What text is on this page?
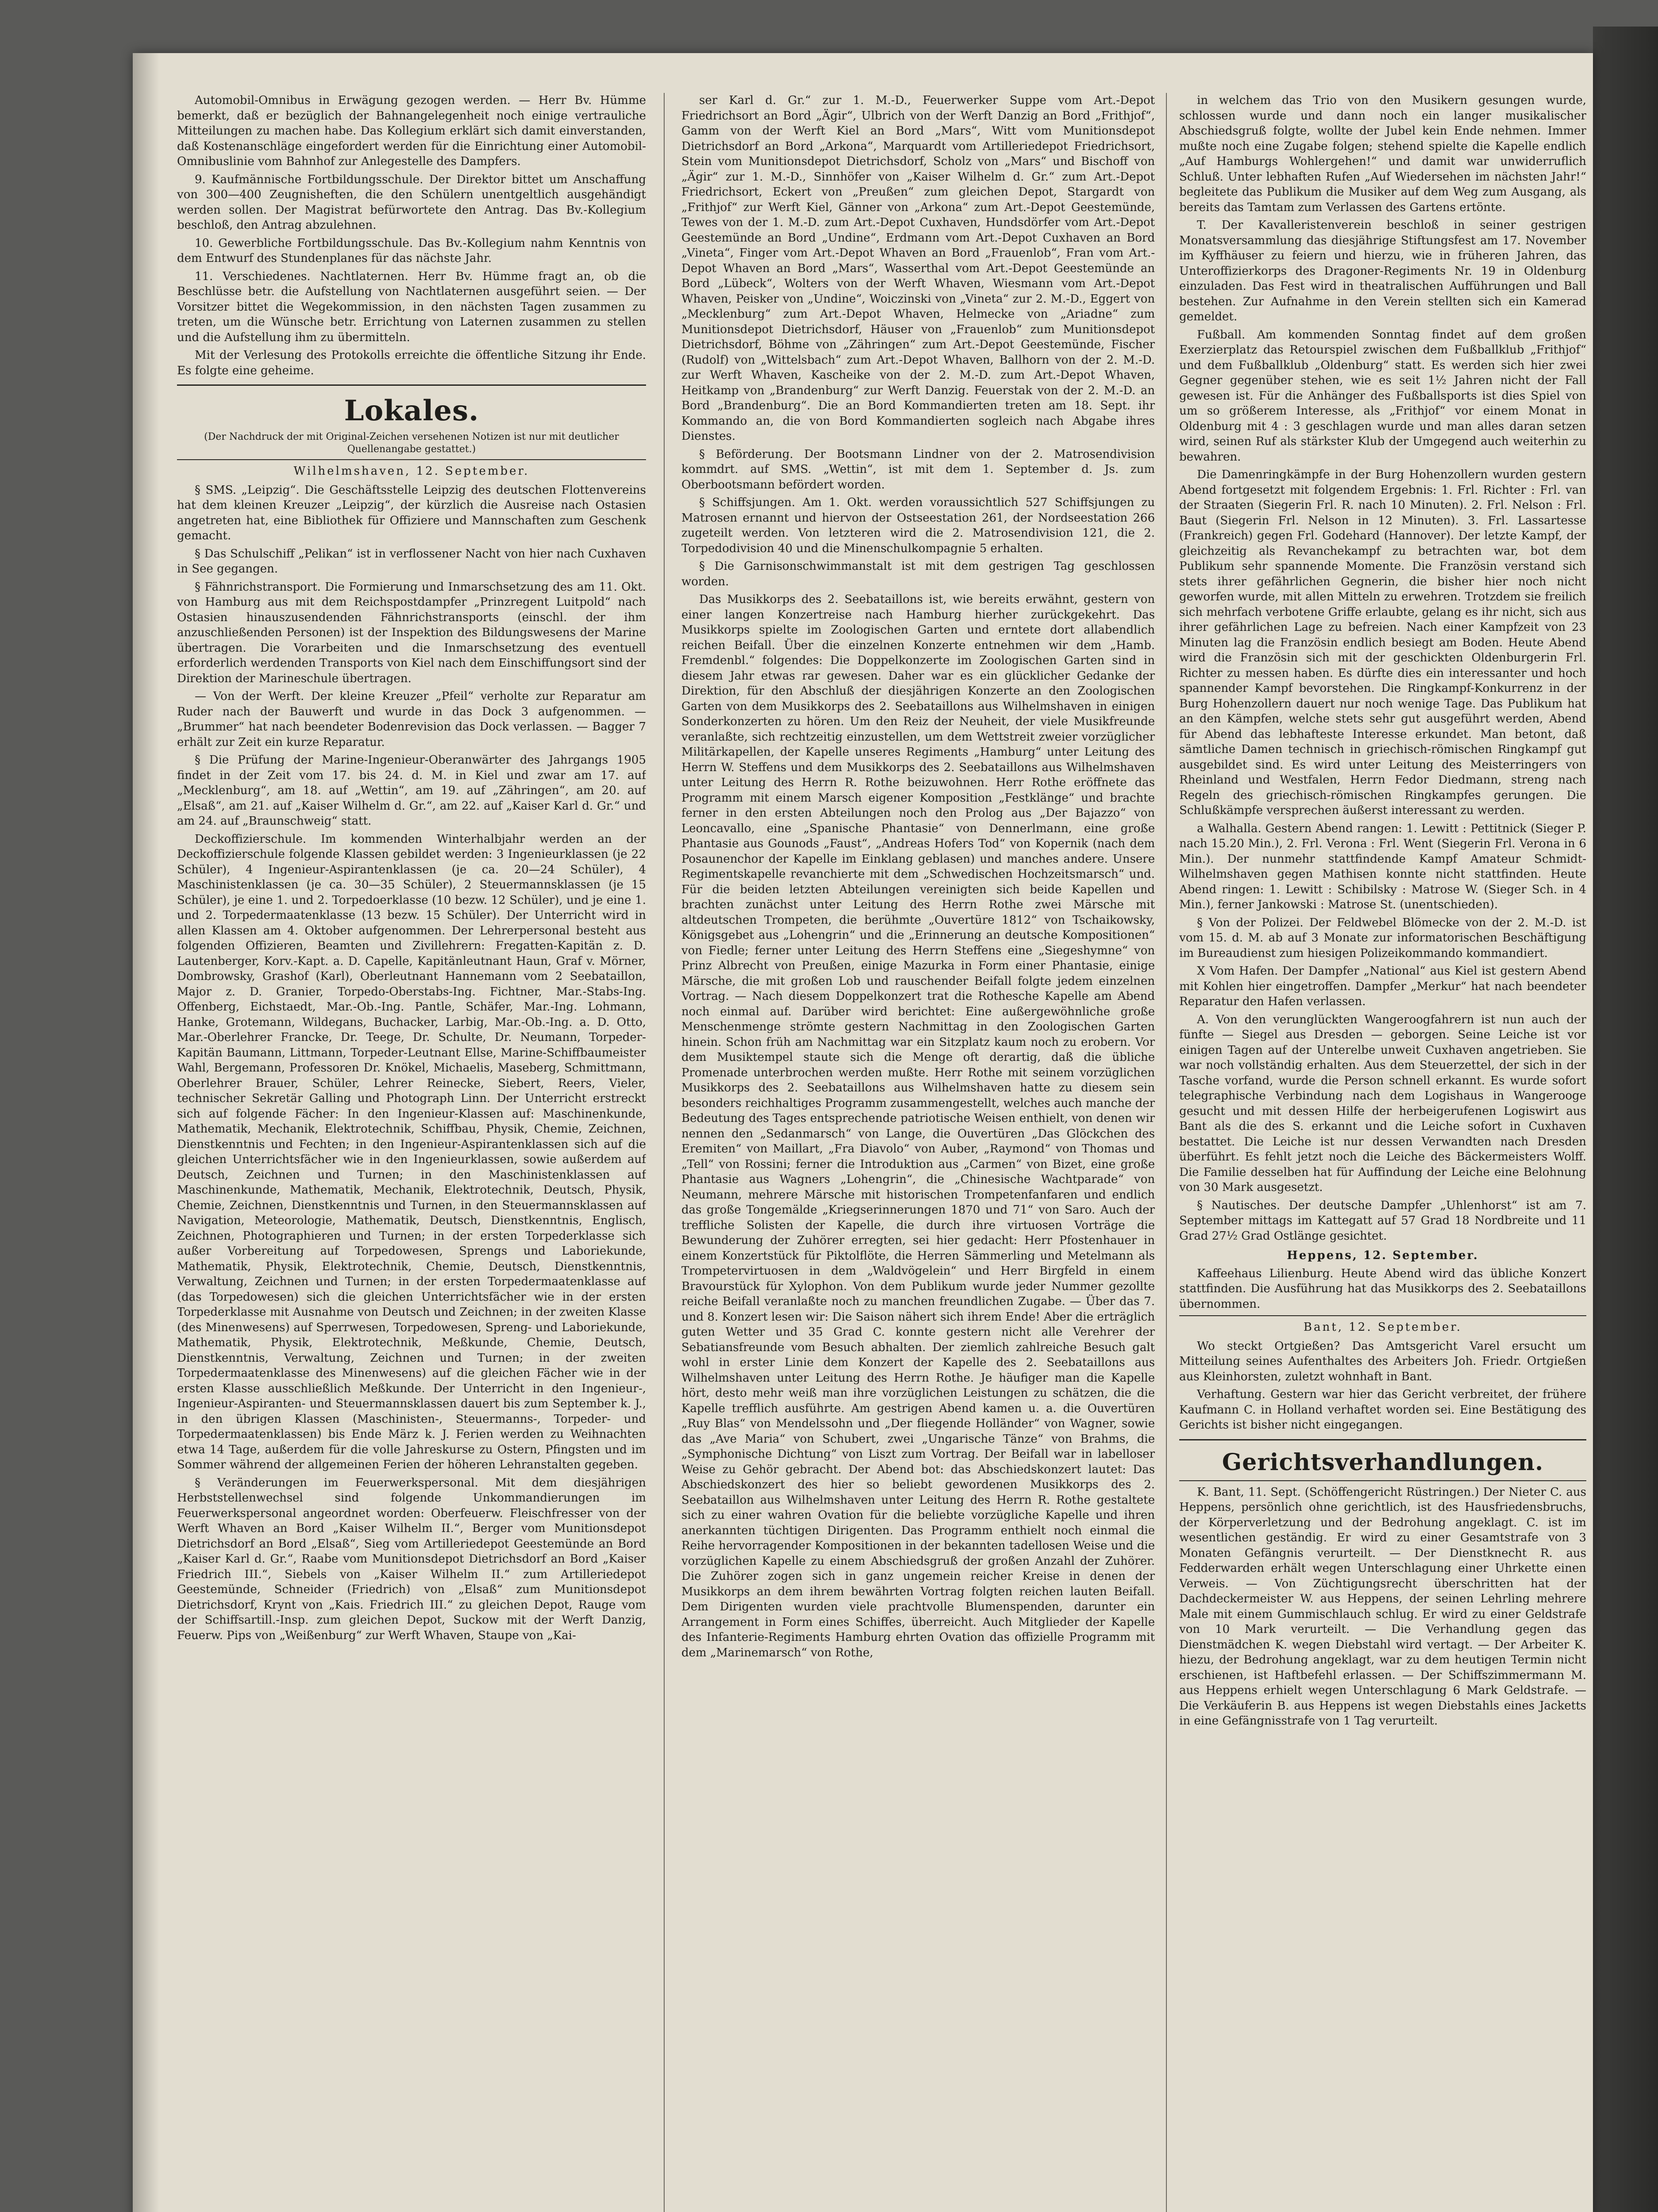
Automobil-Omnibus in Erwägung gezogen werden. — Herr Bv. Hümme bemerkt, daß er bezüglich der Bahnangelegenheit noch einige vertrauliche Mitteilungen zu machen habe. Das Kollegium erklärt sich damit einverstanden, daß Kostenanschläge eingefordert werden für die Einrichtung einer Automobil-Omnibuslinie vom Bahnhof zur Anlegestelle des Dampfers.

9. Kaufmännische Fortbildungsschule. Der Direktor bittet um Anschaffung von 300—400 Zeugnisheften, die den Schülern unentgeltlich ausgehändigt werden sollen. Der Magistrat befürwortete den Antrag. Das Bv.-Kollegium beschloß, den Antrag abzulehnen.

10. Gewerbliche Fortbildungsschule. Das Bv.-Kollegium nahm Kenntnis von dem Entwurf des Stundenplanes für das nächste Jahr.

11. Verschiedenes. Nachtlaternen. Herr Bv. Hümme fragt an, ob die Beschlüsse betr. die Aufstellung von Nachtlaternen ausgeführt seien. — Der Vorsitzer bittet die Wegekommission, in den nächsten Tagen zusammen zu treten, um die Wünsche betr. Errichtung von Laternen zusammen zu stellen und die Aufstellung ihm zu übermitteln.

Mit der Verlesung des Protokolls erreichte die öffentliche Sitzung ihr Ende. Es folgte eine geheime.

Lokales.
(Der Nachdruck der mit Original-Zeichen versehenen Notizen ist nur mit deutlicher Quellenangabe gestattet.)
Wilhelmshaven, 12. September.

§ SMS. „Leipzig“. Die Geschäftsstelle Leipzig des deutschen Flottenvereins hat dem kleinen Kreuzer „Leipzig“, der kürzlich die Ausreise nach Ostasien angetreten hat, eine Bibliothek für Offiziere und Mannschaften zum Geschenk gemacht.

§ Das Schulschiff „Pelikan“ ist in verflossener Nacht von hier nach Cuxhaven in See gegangen.

§ Fähnrichstransport. Die Formierung und Inmarschsetzung des am 11. Okt. von Hamburg aus mit dem Reichspostdampfer „Prinzregent Luitpold“ nach Ostasien hinauszusendenden Fähnrichstransports (einschl. der ihm anzuschließenden Personen) ist der Inspektion des Bildungswesens der Marine übertragen. Die Vorarbeiten und die Inmarschsetzung des eventuell erforderlich werdenden Transports von Kiel nach dem Einschiffungsort sind der Direktion der Marineschule übertragen.

— Von der Werft. Der kleine Kreuzer „Pfeil“ verholte zur Reparatur am Ruder nach der Bauwerft und wurde in das Dock 3 aufgenommen. — „Brummer“ hat nach beendeter Bodenrevision das Dock verlassen. — Bagger 7 erhält zur Zeit ein kurze Reparatur.

§ Die Prüfung der Marine-Ingenieur-Oberanwärter des Jahrgangs 1905 findet in der Zeit vom 17. bis 24. d. M. in Kiel und zwar am 17. auf „Mecklenburg“, am 18. auf „Wettin“, am 19. auf „Zähringen“, am 20. auf „Elsaß“, am 21. auf „Kaiser Wilhelm d. Gr.“, am 22. auf „Kaiser Karl d. Gr.“ und am 24. auf „Braunschweig“ statt.

Deckoffizierschule. Im kommenden Winterhalbjahr werden an der Deckoffizierschule folgende Klassen gebildet werden: 3 Ingenieurklassen (je 22 Schüler), 4 Ingenieur-Aspirantenklassen (je ca. 20—24 Schüler), 4 Maschinistenklassen (je ca. 30—35 Schüler), 2 Steuermannsklassen (je 15 Schüler), je eine 1. und 2. Torpedoerklasse (10 bezw. 12 Schüler), und je eine 1. und 2. Torpedermaatenklasse (13 bezw. 15 Schüler). Der Unterricht wird in allen Klassen am 4. Oktober aufgenommen. Der Lehrerpersonal besteht aus folgenden Offizieren, Beamten und Zivillehrern: Fregatten-Kapitän z. D. Lautenberger, Korv.-Kapt. a. D. Capelle, Kapitänleutnant Haun, Graf v. Mörner, Dombrowsky, Grashof (Karl), Oberleutnant Hannemann vom 2 Seebataillon, Major z. D. Granier, Torpedo-Oberstabs-Ing. Fichtner, Mar.-Stabs-Ing. Offenberg, Eichstaedt, Mar.-Ob.-Ing. Pantle, Schäfer, Mar.-Ing. Lohmann, Hanke, Grotemann, Wildegans, Buchacker, Larbig, Mar.-Ob.-Ing. a. D. Otto, Mar.-Oberlehrer Francke, Dr. Teege, Dr. Schulte, Dr. Neumann, Torpeder-Kapitän Baumann, Littmann, Torpeder-Leutnant Ellse, Marine-Schiffbaumeister Wahl, Bergemann, Professoren Dr. Knökel, Michaelis, Maseberg, Schmittmann, Oberlehrer Brauer, Schüler, Lehrer Reinecke, Siebert, Reers, Vieler, technischer Sekretär Galling und Photograph Linn. Der Unterricht erstreckt sich auf folgende Fächer: In den Ingenieur-Klassen auf: Maschinenkunde, Mathematik, Mechanik, Elektrotechnik, Schiffbau, Physik, Chemie, Zeichnen, Dienstkenntnis und Fechten; in den Ingenieur-Aspirantenklassen sich auf die gleichen Unterrichtsfächer wie in den Ingenieurklassen, sowie außerdem auf Deutsch, Zeichnen und Turnen; in den Maschinistenklassen auf Maschinenkunde, Mathematik, Mechanik, Elektrotechnik, Deutsch, Physik, Chemie, Zeichnen, Dienstkenntnis und Turnen, in den Steuermannsklassen auf Navigation, Meteorologie, Mathematik, Deutsch, Dienstkenntnis, Englisch, Zeichnen, Photographieren und Turnen; in der ersten Torpederklasse sich außer Vorbereitung auf Torpedowesen, Sprengs und Laboriekunde, Mathematik, Physik, Elektrotechnik, Chemie, Deutsch, Dienstkenntnis, Verwaltung, Zeichnen und Turnen; in der ersten Torpedermaatenklasse auf (das Torpedowesen) sich die gleichen Unterrichtsfächer wie in der ersten Torpederklasse mit Ausnahme von Deutsch und Zeichnen; in der zweiten Klasse (des Minenwesens) auf Sperrwesen, Torpedowesen, Spreng- und Laboriekunde, Mathematik, Physik, Elektrotechnik, Meßkunde, Chemie, Deutsch, Dienstkenntnis, Verwaltung, Zeichnen und Turnen; in der zweiten Torpedermaatenklasse des Minenwesens) auf die gleichen Fächer wie in der ersten Klasse ausschließlich Meßkunde. Der Unterricht in den Ingenieur-, Ingenieur-Aspiranten- und Steuermannsklassen dauert bis zum September k. J., in den übrigen Klassen (Maschinisten-, Steuermanns-, Torpeder- und Torpedermaatenklassen) bis Ende März k. J. Ferien werden zu Weihnachten etwa 14 Tage, außerdem für die volle Jahreskurse zu Ostern, Pfingsten und im Sommer während der allgemeinen Ferien der höheren Lehranstalten gegeben.

§ Veränderungen im Feuerwerkspersonal. Mit dem diesjährigen Herbststellenwechsel sind folgende Unkommandierungen im Feuerwerkspersonal angeordnet worden: Oberfeuerw. Fleischfresser von der Werft Whaven an Bord „Kaiser Wilhelm II.“, Berger vom Munitionsdepot Dietrichsdorf an Bord „Elsaß“, Sieg vom Artilleriedepot Geestemünde an Bord „Kaiser Karl d. Gr.“, Raabe vom Munitionsdepot Dietrichsdorf an Bord „Kaiser Friedrich III.“, Siebels von „Kaiser Wilhelm II.“ zum Artilleriedepot Geestemünde, Schneider (Friedrich) von „Elsaß“ zum Munitionsdepot Dietrichsdorf, Krynt von „Kais. Friedrich III.“ zu gleichen Depot, Rauge vom der Schiffsartill.-Insp. zum gleichen Depot, Suckow mit der Werft Danzig, Feuerw. Pips von „Weißenburg“ zur Werft Whaven, Staupe von „Kai-

ser Karl d. Gr.“ zur 1. M.-D., Feuerwerker Suppe vom Art.-Depot Friedrichsort an Bord „Ägir“, Ulbrich von der Werft Danzig an Bord „Frithjof“, Gamm von der Werft Kiel an Bord „Mars“, Witt vom Munitionsdepot Dietrichsdorf an Bord „Arkona“, Marquardt vom Artilleriedepot Friedrichsort, Stein vom Munitionsdepot Dietrichsdorf, Scholz von „Mars“ und Bischoff von „Ägir“ zur 1. M.-D., Sinnhöfer von „Kaiser Wilhelm d. Gr.“ zum Art.-Depot Friedrichsort, Eckert von „Preußen“ zum gleichen Depot, Stargardt von „Frithjof“ zur Werft Kiel, Gänner von „Arkona“ zum Art.-Depot Geestemünde, Tewes von der 1. M.-D. zum Art.-Depot Cuxhaven, Hundsdörfer vom Art.-Depot Geestemünde an Bord „Undine“, Erdmann vom Art.-Depot Cuxhaven an Bord „Vineta“, Finger vom Art.-Depot Whaven an Bord „Frauenlob“, Fran vom Art.-Depot Whaven an Bord „Mars“, Wasserthal vom Art.-Depot Geestemünde an Bord „Lübeck“, Wolters von der Werft Whaven, Wiesmann vom Art.-Depot Whaven, Peisker von „Undine“, Woiczinski von „Vineta“ zur 2. M.-D., Eggert von „Mecklenburg“ zum Art.-Depot Whaven, Helmecke von „Ariadne“ zum Munitionsdepot Dietrichsdorf, Häuser von „Frauenlob“ zum Munitionsdepot Dietrichsdorf, Böhme von „Zähringen“ zum Art.-Depot Geestemünde, Fischer (Rudolf) von „Wittelsbach“ zum Art.-Depot Whaven, Ballhorn von der 2. M.-D. zur Werft Whaven, Kascheike von der 2. M.-D. zum Art.-Depot Whaven, Heitkamp von „Brandenburg“ zur Werft Danzig. Feuerstak von der 2. M.-D. an Bord „Brandenburg“. Die an Bord Kommandierten treten am 18. Sept. ihr Kommando an, die von Bord Kommandierten sogleich nach Abgabe ihres Dienstes.

§ Beförderung. Der Bootsmann Lindner von der 2. Matrosendivision kommdrt. auf SMS. „Wettin“, ist mit dem 1. September d. Js. zum Oberbootsmann befördert worden.

§ Schiffsjungen. Am 1. Okt. werden voraussichtlich 527 Schiffsjungen zu Matrosen ernannt und hiervon der Ostseestation 261, der Nordseestation 266 zugeteilt werden. Von letzteren wird die 2. Matrosendivision 121, die 2. Torpedodivision 40 und die Minenschulkompagnie 5 erhalten.

§ Die Garnisonschwimmanstalt ist mit dem gestrigen Tag geschlossen worden.

Das Musikkorps des 2. Seebataillons ist, wie bereits erwähnt, gestern von einer langen Konzertreise nach Hamburg hierher zurückgekehrt. Das Musikkorps spielte im Zoologischen Garten und erntete dort allabendlich reichen Beifall. Über die einzelnen Konzerte entnehmen wir dem „Hamb. Fremdenbl.“ folgendes: Die Doppelkonzerte im Zoologischen Garten sind in diesem Jahr etwas rar gewesen. Daher war es ein glücklicher Gedanke der Direktion, für den Abschluß der diesjährigen Konzerte an den Zoologischen Garten von dem Musikkorps des 2. Seebataillons aus Wilhelmshaven in einigen Sonderkonzerten zu hören. Um den Reiz der Neuheit, der viele Musikfreunde veranlaßte, sich rechtzeitig einzustellen, um dem Wettstreit zweier vorzüglicher Militärkapellen, der Kapelle unseres Regiments „Hamburg“ unter Leitung des Herrn W. Steffens und dem Musikkorps des 2. Seebataillons aus Wilhelmshaven unter Leitung des Herrn R. Rothe beizuwohnen. Herr Rothe eröffnete das Programm mit einem Marsch eigener Komposition „Festklänge“ und brachte ferner in den ersten Abteilungen noch den Prolog aus „Der Bajazzo“ von Leoncavallo, eine „Spanische Phantasie“ von Dennerlmann, eine große Phantasie aus Gounods „Faust“, „Andreas Hofers Tod“ von Kopernik (nach dem Posaunenchor der Kapelle im Einklang geblasen) und manches andere. Unsere Regimentskapelle revanchierte mit dem „Schwedischen Hochzeitsmarsch“ und. Für die beiden letzten Abteilungen vereinigten sich beide Kapellen und brachten zunächst unter Leitung des Herrn Rothe zwei Märsche mit altdeutschen Trompeten, die berühmte „Ouvertüre 1812“ von Tschaikowsky, Königsgebet aus „Lohengrin“ und die „Erinnerung an deutsche Kompositionen“ von Fiedle; ferner unter Leitung des Herrn Steffens eine „Siegeshymne“ von Prinz Albrecht von Preußen, einige Mazurka in Form einer Phantasie, einige Märsche, die mit großen Lob und rauschender Beifall folgte jedem einzelnen Vortrag. — Nach diesem Doppelkonzert trat die Rothesche Kapelle am Abend noch einmal auf. Darüber wird berichtet: Eine außergewöhnliche große Menschenmenge strömte gestern Nachmittag in den Zoologischen Garten hinein. Schon früh am Nachmittag war ein Sitzplatz kaum noch zu erobern. Vor dem Musiktempel staute sich die Menge oft derartig, daß die übliche Promenade unterbrochen werden mußte. Herr Rothe mit seinem vorzüglichen Musikkorps des 2. Seebataillons aus Wilhelmshaven hatte zu diesem sein besonders reichhaltiges Programm zusammengestellt, welches auch manche der Bedeutung des Tages entsprechende patriotische Weisen enthielt, von denen wir nennen den „Sedanmarsch“ von Lange, die Ouvertüren „Das Glöckchen des Eremiten“ von Maillart, „Fra Diavolo“ von Auber, „Raymond“ von Thomas und „Tell“ von Rossini; ferner die Introduktion aus „Carmen“ von Bizet, eine große Phantasie aus Wagners „Lohengrin“, die „Chinesische Wachtparade“ von Neumann, mehrere Märsche mit historischen Trompetenfanfaren und endlich das große Tongemälde „Kriegserinnerungen 1870 und 71“ von Saro. Auch der treffliche Solisten der Kapelle, die durch ihre virtuosen Vorträge die Bewunderung der Zuhörer erregten, sei hier gedacht: Herr Pfostenhauer in einem Konzertstück für Piktolflöte, die Herren Sämmerling und Metelmann als Trompetervirtuosen in dem „Waldvögelein“ und Herr Birgfeld in einem Bravourstück für Xylophon. Von dem Publikum wurde jeder Nummer gezollte reiche Beifall veranlaßte noch zu manchen freundlichen Zugabe. — Über das 7. und 8. Konzert lesen wir: Die Saison nähert sich ihrem Ende! Aber die erträglich guten Wetter und 35 Grad C. konnte gestern nicht alle Verehrer der Sebatiansfreunde vom Besuch abhalten. Der ziemlich zahlreiche Besuch galt wohl in erster Linie dem Konzert der Kapelle des 2. Seebataillons aus Wilhelmshaven unter Leitung des Herrn Rothe. Je häufiger man die Kapelle hört, desto mehr weiß man ihre vorzüglichen Leistungen zu schätzen, die die Kapelle trefflich ausführte. Am gestrigen Abend kamen u. a. die Ouvertüren „Ruy Blas“ von Mendelssohn und „Der fliegende Holländer“ von Wagner, sowie das „Ave Maria“ von Schubert, zwei „Ungarische Tänze“ von Brahms, die „Symphonische Dichtung“ von Liszt zum Vortrag. Der Beifall war in labelloser Weise zu Gehör gebracht. Der Abend bot: das Abschiedskonzert lautet: Das Abschiedskonzert des hier so beliebt gewordenen Musikkorps des 2. Seebataillon aus Wilhelmshaven unter Leitung des Herrn R. Rothe gestaltete sich zu einer wahren Ovation für die beliebte vorzügliche Kapelle und ihren anerkannten tüchtigen Dirigenten. Das Programm enthielt noch einmal die Reihe hervorragender Kompositionen in der bekannten tadellosen Weise und die vorzüglichen Kapelle zu einem Abschiedsgruß der großen Anzahl der Zuhörer. Die Zuhörer zogen sich in ganz ungemein reicher Kreise in denen der Musikkorps an dem ihrem bewährten Vortrag folgten reichen lauten Beifall. Dem Dirigenten wurden viele prachtvolle Blumenspenden, darunter ein Arrangement in Form eines Schiffes, überreicht. Auch Mitglieder der Kapelle des Infanterie-Regiments Hamburg ehrten Ovation das offizielle Programm mit dem „Marinemarsch“ von Rothe,

in welchem das Trio von den Musikern gesungen wurde, schlossen wurde und dann noch ein langer musikalischer Abschiedsgruß folgte, wollte der Jubel kein Ende nehmen. Immer mußte noch eine Zugabe folgen; stehend spielte die Kapelle endlich „Auf Hamburgs Wohlergehen!“ und damit war unwiderruflich Schluß. Unter lebhaften Rufen „Auf Wiedersehen im nächsten Jahr!“ begleitete das Publikum die Musiker auf dem Weg zum Ausgang, als bereits das Tamtam zum Verlassen des Gartens ertönte.

T. Der Kavalleristenverein beschloß in seiner gestrigen Monatsversammlung das diesjährige Stiftungsfest am 17. November im Kyffhäuser zu feiern und hierzu, wie in früheren Jahren, das Unteroffizierkorps des Dragoner-Regiments Nr. 19 in Oldenburg einzuladen. Das Fest wird in theatralischen Aufführungen und Ball bestehen. Zur Aufnahme in den Verein stellten sich ein Kamerad gemeldet.

Fußball. Am kommenden Sonntag findet auf dem großen Exerzierplatz das Retourspiel zwischen dem Fußballklub „Frithjof“ und dem Fußballklub „Oldenburg“ statt. Es werden sich hier zwei Gegner gegenüber stehen, wie es seit 1½ Jahren nicht der Fall gewesen ist. Für die Anhänger des Fußballsports ist dies Spiel von um so größerem Interesse, als „Frithjof“ vor einem Monat in Oldenburg mit 4 : 3 geschlagen wurde und man alles daran setzen wird, seinen Ruf als stärkster Klub der Umgegend auch weiterhin zu bewahren.

Die Damenringkämpfe in der Burg Hohenzollern wurden gestern Abend fortgesetzt mit folgendem Ergebnis: 1. Frl. Richter : Frl. van der Straaten (Siegerin Frl. R. nach 10 Minuten). 2. Frl. Nelson : Frl. Baut (Siegerin Frl. Nelson in 12 Minuten). 3. Frl. Lassartesse (Frankreich) gegen Frl. Godehard (Hannover). Der letzte Kampf, der gleichzeitig als Revanchekampf zu betrachten war, bot dem Publikum sehr spannende Momente. Die Französin verstand sich stets ihrer gefährlichen Gegnerin, die bisher hier noch nicht geworfen wurde, mit allen Mitteln zu erwehren. Trotzdem sie freilich sich mehrfach verbotene Griffe erlaubte, gelang es ihr nicht, sich aus ihrer gefährlichen Lage zu befreien. Nach einer Kampfzeit von 23 Minuten lag die Französin endlich besiegt am Boden. Heute Abend wird die Französin sich mit der geschickten Oldenburgerin Frl. Richter zu messen haben. Es dürfte dies ein interessanter und hoch spannender Kampf bevorstehen. Die Ringkampf-Konkurrenz in der Burg Hohenzollern dauert nur noch wenige Tage. Das Publikum hat an den Kämpfen, welche stets sehr gut ausgeführt werden, Abend für Abend das lebhafteste Interesse erkundet. Man betont, daß sämtliche Damen technisch in griechisch-römischen Ringkampf gut ausgebildet sind. Es wird unter Leitung des Meisterringers von Rheinland und Westfalen, Herrn Fedor Diedmann, streng nach Regeln des griechisch-römischen Ringkampfes gerungen. Die Schlußkämpfe versprechen äußerst interessant zu werden.

a Walhalla. Gestern Abend rangen: 1. Lewitt : Pettitnick (Sieger P. nach 15.20 Min.), 2. Frl. Verona : Frl. Went (Siegerin Frl. Verona in 6 Min.). Der nunmehr stattfindende Kampf Amateur Schmidt-Wilhelmshaven gegen Mathisen konnte nicht stattfinden. Heute Abend ringen: 1. Lewitt : Schibilsky : Matrose W. (Sieger Sch. in 4 Min.), ferner Jankowski : Matrose St. (unentschieden).

§ Von der Polizei. Der Feldwebel Blömecke von der 2. M.-D. ist vom 15. d. M. ab auf 3 Monate zur informatorischen Beschäftigung im Bureaudienst zum hiesigen Polizeikommando kommandiert.

X Vom Hafen. Der Dampfer „National“ aus Kiel ist gestern Abend mit Kohlen hier eingetroffen. Dampfer „Merkur“ hat nach beendeter Reparatur den Hafen verlassen.

A. Von den verunglückten Wangeroogfahrern ist nun auch der fünfte — Siegel aus Dresden — geborgen. Seine Leiche ist vor einigen Tagen auf der Unterelbe unweit Cuxhaven angetrieben. Sie war noch vollständig erhalten. Aus dem Steuerzettel, der sich in der Tasche vorfand, wurde die Person schnell erkannt. Es wurde sofort telegraphische Verbindung nach dem Logishaus in Wangerooge gesucht und mit dessen Hilfe der herbeigerufenen Logiswirt aus Bant als die des S. erkannt und die Leiche sofort in Cuxhaven bestattet. Die Leiche ist nur dessen Verwandten nach Dresden überführt. Es fehlt jetzt noch die Leiche des Bäckermeisters Wolff. Die Familie desselben hat für Auffindung der Leiche eine Belohnung von 30 Mark ausgesetzt.

§ Nautisches. Der deutsche Dampfer „Uhlenhorst“ ist am 7. September mittags im Kattegatt auf 57 Grad 18 Nordbreite und 11 Grad 27½ Grad Ostlänge gesichtet.

Heppens, 12. September.

Kaffeehaus Lilienburg. Heute Abend wird das übliche Konzert stattfinden. Die Ausführung hat das Musikkorps des 2. Seebataillons übernommen.

Bant, 12. September.

Wo steckt Ortgießen? Das Amtsgericht Varel ersucht um Mitteilung seines Aufenthaltes des Arbeiters Joh. Friedr. Ortgießen aus Kleinhorsten, zuletzt wohnhaft in Bant.

Verhaftung. Gestern war hier das Gericht verbreitet, der frühere Kaufmann C. in Holland verhaftet worden sei. Eine Bestätigung des Gerichts ist bisher nicht eingegangen.

Gerichtsverhandlungen.

K. Bant, 11. Sept. (Schöffengericht Rüstringen.) Der Nieter C. aus Heppens, persönlich ohne gerichtlich, ist des Hausfriedensbruchs, der Körperverletzung und der Bedrohung angeklagt. C. ist im wesentlichen geständig. Er wird zu einer Gesamtstrafe von 3 Monaten Gefängnis verurteilt. — Der Dienstknecht R. aus Fedderwarden erhält wegen Unterschlagung einer Uhrkette einen Verweis. — Von Züchtigungsrecht überschritten hat der Dachdeckermeister W. aus Heppens, der seinen Lehrling mehrere Male mit einem Gummischlauch schlug. Er wird zu einer Geldstrafe von 10 Mark verurteilt. — Die Verhandlung gegen das Dienstmädchen K. wegen Diebstahl wird vertagt. — Der Arbeiter K. hiezu, der Bedrohung angeklagt, war zu dem heutigen Termin nicht erschienen, ist Haftbefehl erlassen. — Der Schiffszimmermann M. aus Heppens erhielt wegen Unterschlagung 6 Mark Geldstrafe. — Die Verkäuferin B. aus Heppens ist wegen Diebstahls eines Jacketts in eine Gefängnisstrafe von 1 Tag verurteilt.
